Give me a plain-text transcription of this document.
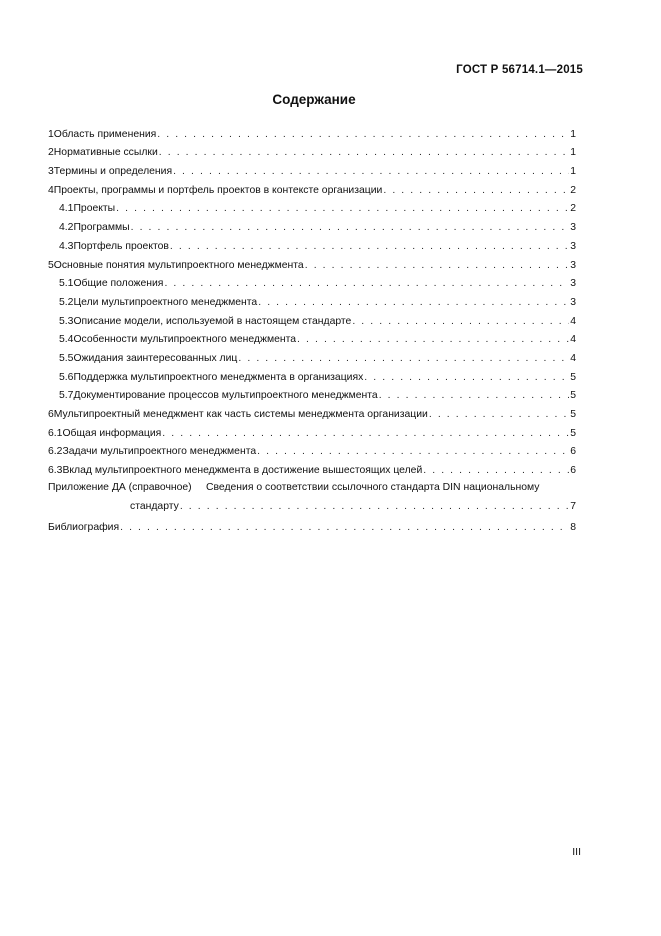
ГОСТ Р 56714.1—2015
Содержание
1 Область применения . . .	1
2 Нормативные ссылки . . .	1
3 Термины и определения . . .	1
4 Проекты, программы и портфель проектов в контексте организации . . .	2
4.1 Проекты . . .	2
4.2 Программы . . .	3
4.3 Портфель проектов . . .	3
5 Основные понятия мультипроектного менеджмента . . .	3
5.1 Общие положения . . .	3
5.2 Цели мультипроектного менеджмента . . .	3
5.3 Описание модели, используемой в настоящем стандарте . . .	4
5.4 Особенности мультипроектного менеджмента . . .	4
5.5 Ожидания заинтересованных лиц . . .	4
5.6 Поддержка мультипроектного менеджмента в организациях . . .	5
5.7 Документирование процессов мультипроектного менеджмента . . .	5
6 Мультипроектный менеджмент как часть системы менеджмента организации . . .	5
6.1 Общая информация . . .	5
6.2 Задачи мультипроектного менеджмента . . .	6
6.3 Вклад мультипроектного менеджмента в достижение вышестоящих целей . . .	6
Приложение ДА (справочное)	Сведения о соответствии ссылочного стандарта DIN национальному
стандарту . . .	7
Библиография . . .	8
III
